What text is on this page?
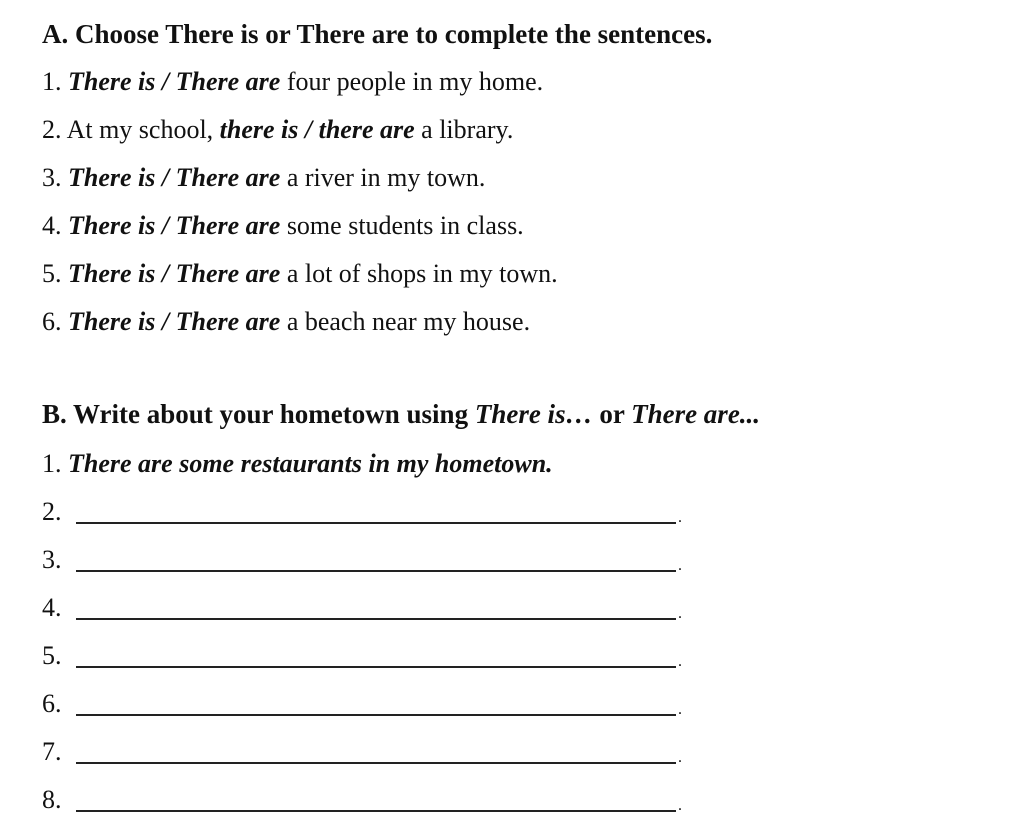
A. Choose There is or There are to complete the sentences.
1. There is / There are four people in my home.
2. At my school, there is / there are a library.
3. There is / There are a river in my town.
4. There is / There are some students in class.
5. There is / There are a lot of shops in my town.
6. There is / There are a beach near my house.
B. Write about your hometown using There is… or There are...
1. There are some restaurants in my hometown.
2.	.
3.	.
4.	.
5.	.
6.	.
7.	.
8.	.
